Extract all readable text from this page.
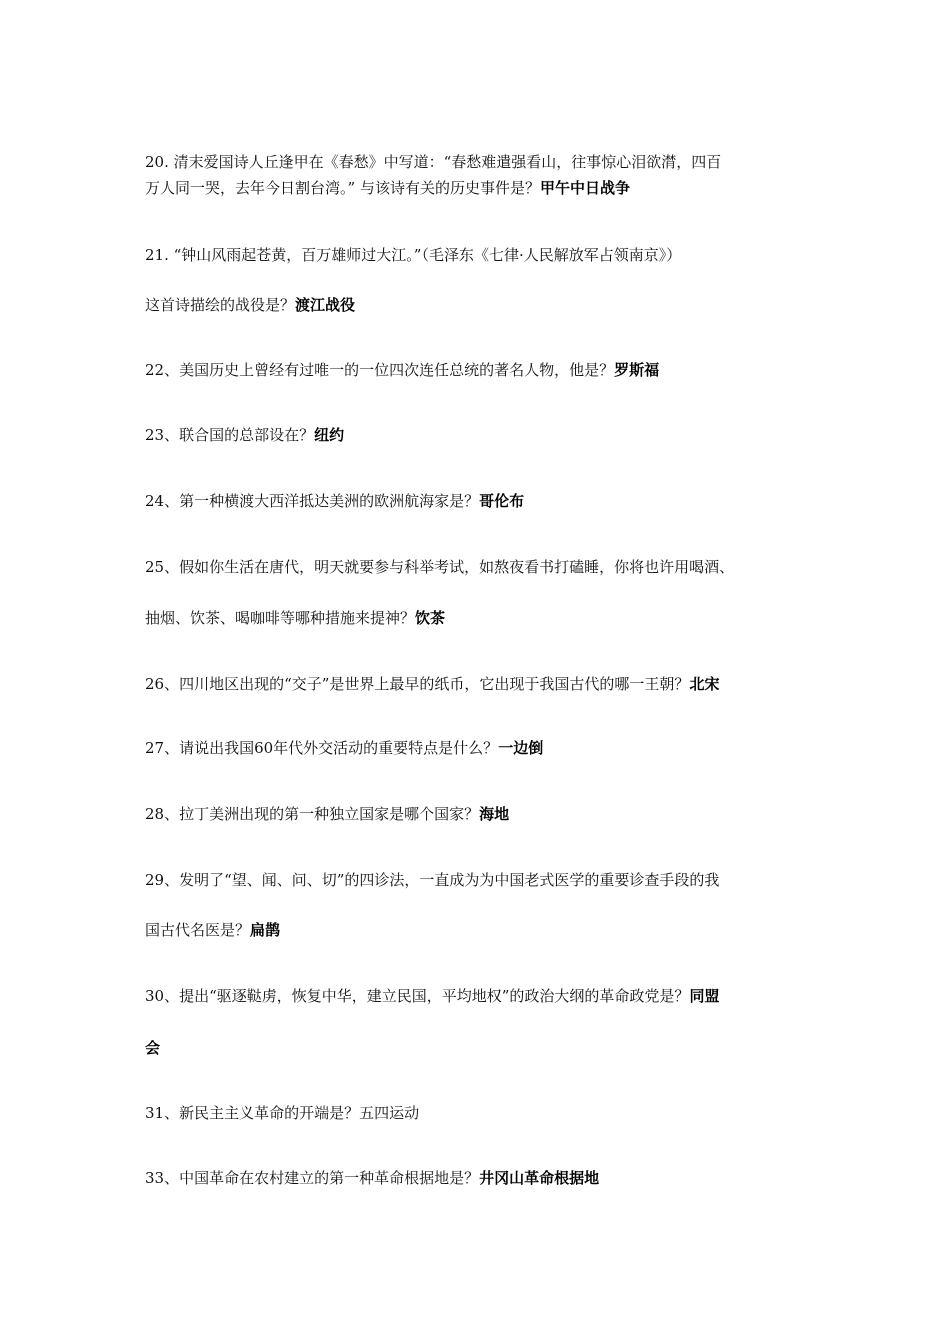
20. 清末爱国诗人丘逢甲在《春愁》中写道：“春愁难遣强看山，往事惊心泪欲潸，四百
万人同一哭，去年今日割台湾。” 与该诗有关的历史事件是？甲午中日战争
21. “钟山风雨起苍黄，百万雄师过大江。”（毛泽东《七律·人民解放军占领南京》）
这首诗描绘的战役是？渡江战役
22、美国历史上曾经有过唯一的一位四次连任总统的著名人物，他是？罗斯福
23、联合国的总部设在？纽约
24、第一种横渡大西洋抵达美洲的欧洲航海家是？哥伦布
25、假如你生活在唐代，明天就要参与科举考试，如熬夜看书打磕睡，你将也许用喝酒、
抽烟、饮茶、喝咖啡等哪种措施来提神？饮茶
26、四川地区出现的“交子”是世界上最早的纸币，它出现于我国古代的哪一王朝？北宋
27、请说出我国60年代外交活动的重要特点是什么？一边倒
28、拉丁美洲出现的第一种独立国家是哪个国家？海地
29、发明了“望、闻、问、切”的四诊法，一直成为为中国老式医学的重要诊查手段的我
国古代名医是？扁鹊
30、提出“驱逐鞑虏，恢复中华，建立民国，平均地权”的政治大纲的革命政党是？同盟
会
31、新民主主义革命的开端是？五四运动
33、中国革命在农村建立的第一种革命根据地是？井冈山革命根据地
